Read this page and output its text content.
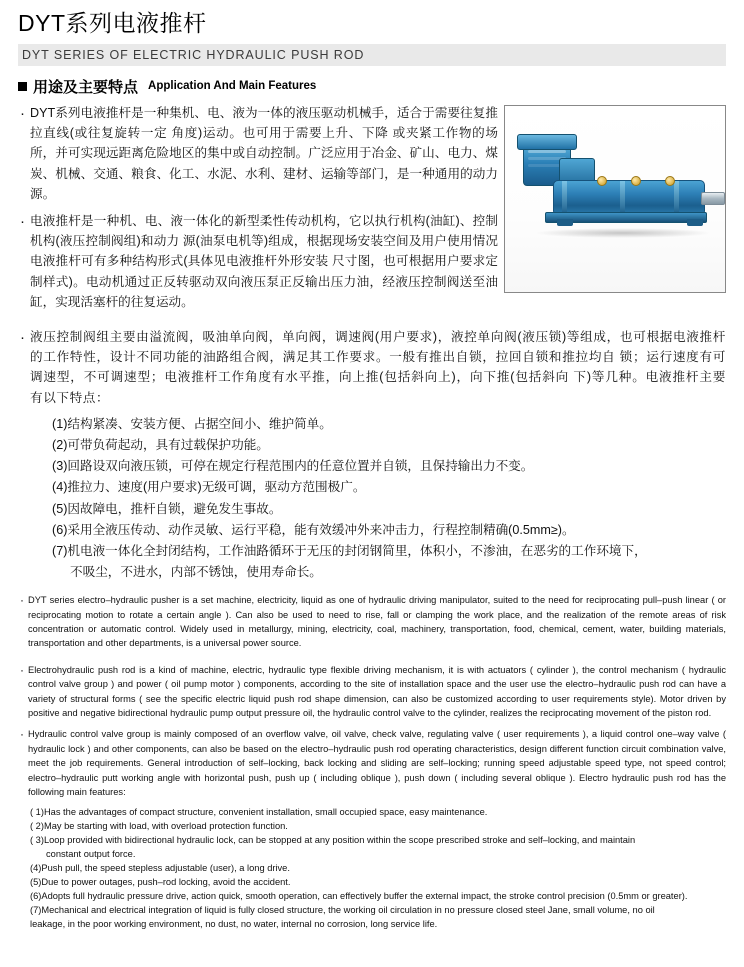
DYT系列电液推杆
DYT SERIES OF ELECTRIC HYDRAULIC PUSH ROD
用途及主要特点 Application And Main Features

· DYT系列电液推杆是一种集机、电、液为一体的液压驱动机械手，适合于需要往复推拉直线(或往复旋转一定 角度)运动。也可用于需要上升、下降 或夹紧工作物的场所，并可实现远距离危险地区的集中或自动控制。广泛应用于冶金、矿山、电力、煤炭、机械、交通、粮食、化工、水泥、水利、建材、运输等部门，是一种通用的动力源。

· 电液推杆是一种机、电、液一体化的新型柔性传动机构，它以执行机构(油缸)、控制机构(液压控制阀组)和动力 源(油泵电机等)组成，根据现场安装空间及用户使用情况电液推杆可有多种结构形式(具体见电液推杆外形安装 尺寸图，也可根据用户要求定制样式)。电动机通过正反转驱动双向液压泵正反输出压力油，经液压控制阀送至油缸，实现活塞杆的往复运动。

· 液压控制阀组主要由溢流阀，吸油单向阀，单向阀，调速阀(用户要求)，液控单向阀(液压锁)等组成，也可根据电液推杆的工作特性，设计不同功能的油路组合阀，满足其工作要求。一般有推出自锁，拉回自锁和推拉均自 锁；运行速度有可调速型，不可调速型；电液推杆工作角度有水平推，向上推(包括斜向上)，向下推(包括斜向 下)等几种。电液推杆主要有以下特点：

(1)结构紧凑、安装方便、占据空间小、维护简单。
(2)可带负荷起动，具有过载保护功能。
(3)回路设双向液压锁，可停在规定行程范围内的任意位置并自锁，且保持输出力不变。
(4)推拉力、速度(用户要求)无级可调，驱动方范围极广。
(5)因故障电，推杆自锁，避免发生事故。
(6)采用全液压传动、动作灵敏、运行平稳，能有效缓冲外来冲击力，行程控制精确(0.5mm≥)。
(7)机电液一体化全封闭结构，工作油路循环于无压的封闭钢简里，体积小，不渗油，在恶劣的工作环境下，
不吸尘，不进水，内部不锈蚀，使用寿命长。

· DYT series electro–hydraulic pusher is a set machine, electricity, liquid as one of hydraulic driving manipulator, suited to the need for reciprocating pull–push linear ( or reciprocating motion to rotate a certain angle ). Can also be used to need to rise, fall or clamping the work place, and the realization of the remote areas of risk concentration or automatic control. Widely used in metallurgy, mining, electricity, coal, machinery, transportation, food, chemical, cement, water, building materials, transportation and other departments, is a universal power source.

· Electrohydraulic push rod is a kind of machine, electric, hydraulic type flexible driving mechanism, it is with actuators ( cylinder ), the control mechanism ( hydraulic control valve group ) and power ( oil pump motor ) components, according to the site of installation space and the user use the electro–hydraulic push rod can have a variety of structural forms ( see the specific electric liquid push rod shape dimension, can also be customized according to user requirements style). Motor driven by positive and negative bidirectional hydraulic pump output pressure oil, the hydraulic control valve to the cylinder, realizes the reciprocating movement of the piston rod.

· Hydraulic control valve group is mainly composed of an overflow valve, oil valve, check valve, regulating valve ( user requirements ), a liquid control one–way valve ( hydraulic lock ) and other components, can also be based on the electro–hydraulic push rod operating characteristics, design different function circuit combination valve, meet the job requirements. General introduction of self–locking, back locking and sliding are self–locking; running speed adjustable speed type, not speed control; electro–hydraulic putt working angle with horizontal push, push up ( including oblique ), push down ( including several oblique ). Electro hydraulic push rod has the following main features:

( 1)Has the advantages of compact structure, convenient installation, small occupied space, easy maintenance.
( 2)May be starting with load, with overload protection function.
( 3)Loop provided with bidirectional hydraulic lock, can be stopped at any position within the scope prescribed stroke and self–locking, and maintain
constant output force.
(4)Push pull, the speed stepless adjustable (user), a long drive.
(5)Due to power outages, push–rod locking, avoid the accident.
(6)Adopts full hydraulic pressure drive, action quick, smooth operation, can effectively buffer the external impact, the stroke control precision (0.5mm or greater).
(7)Mechanical and electrical integration of liquid is fully closed structure, the working oil circulation in no pressure closed steel Jane, small volume, no oil
leakage, in the poor working environment, no dust, no water, internal no corrosion, long service life.
